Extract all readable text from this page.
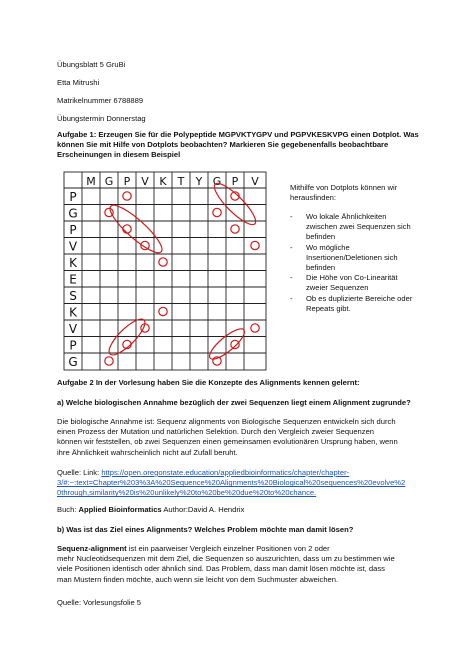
Übungsblatt 5 GruBi
Etta Mitrushi
Matrikelnummer 6788889
Übungstermin Donnerstag
Aufgabe 1: Erzeugen Sie für die Polypeptide MGPVKTYGPV und PGPVKESKVPG einen Dotplot. Was
können Sie mit Hilfe von Dotplots beobachten? Markieren Sie gegebenenfalls beobachtbare
Erscheinungen in diesem Beispiel
M G P V K T Y G P V
P
G
P
V
K
E
S
K
V
P
G
Mithilfe von Dotplots können wir
herausfinden:
- Wo lokale Ähnlichkeiten
zwischen zwei Sequenzen sich
befinden
- Wo mögliche
Insertionen/Deletionen sich
befinden
- Die Höhe von Co-Linearität
zweier Sequenzen
- Ob es duplizierte Bereiche oder
Repeats gibt.
Aufgabe 2 In der Vorlesung haben Sie die Konzepte des Alignments kennen gelernt:
a) Welche biologischen Annahme bezüglich der zwei Sequenzen liegt einem Alignment zugrunde?
Die biologische Annahme ist: Sequenz alignments von Biologische Sequenzen entwickeln sich durch
einen Prozess der Mutation und natürlichen Selektion. Durch den Vergleich zweier Sequenzen
können wir feststellen, ob zwei Sequenzen einen gemeinsamen evolutionären Ursprung haben, wenn
ihre Ähnlichkeit wahrscheinlich nicht auf Zufall beruht.
Quelle: Link: https://open.oregonstate.education/appliedbioinformatics/chapter/chapter-
3/#:~:text=Chapter%203%3A%20Sequence%20Alignments%20Biological%20sequences%20evolve%2
0through,similarity%20is%20unlikely%20to%20be%20due%20to%20chance.
Buch: Applied Bioinformatics Author:David A. Hendrix
b) Was ist das Ziel eines Alignments? Welches Problem möchte man damit lösen?
Sequenz-alignment ist ein paarweiser Vergleich einzelner Positionen von 2 oder
mehr Nucleotidsequenzen mit dem Ziel, die Sequenzen so auszurichten, dass um zu bestimmen wie
viele Positionen identisch oder ähnlich sind. Das Problem, dass man damit lösen möchte ist, dass
man Mustern finden möchte, auch wenn sie leicht von dem Suchmuster abweichen.
Quelle: Vorlesungsfolie 5
